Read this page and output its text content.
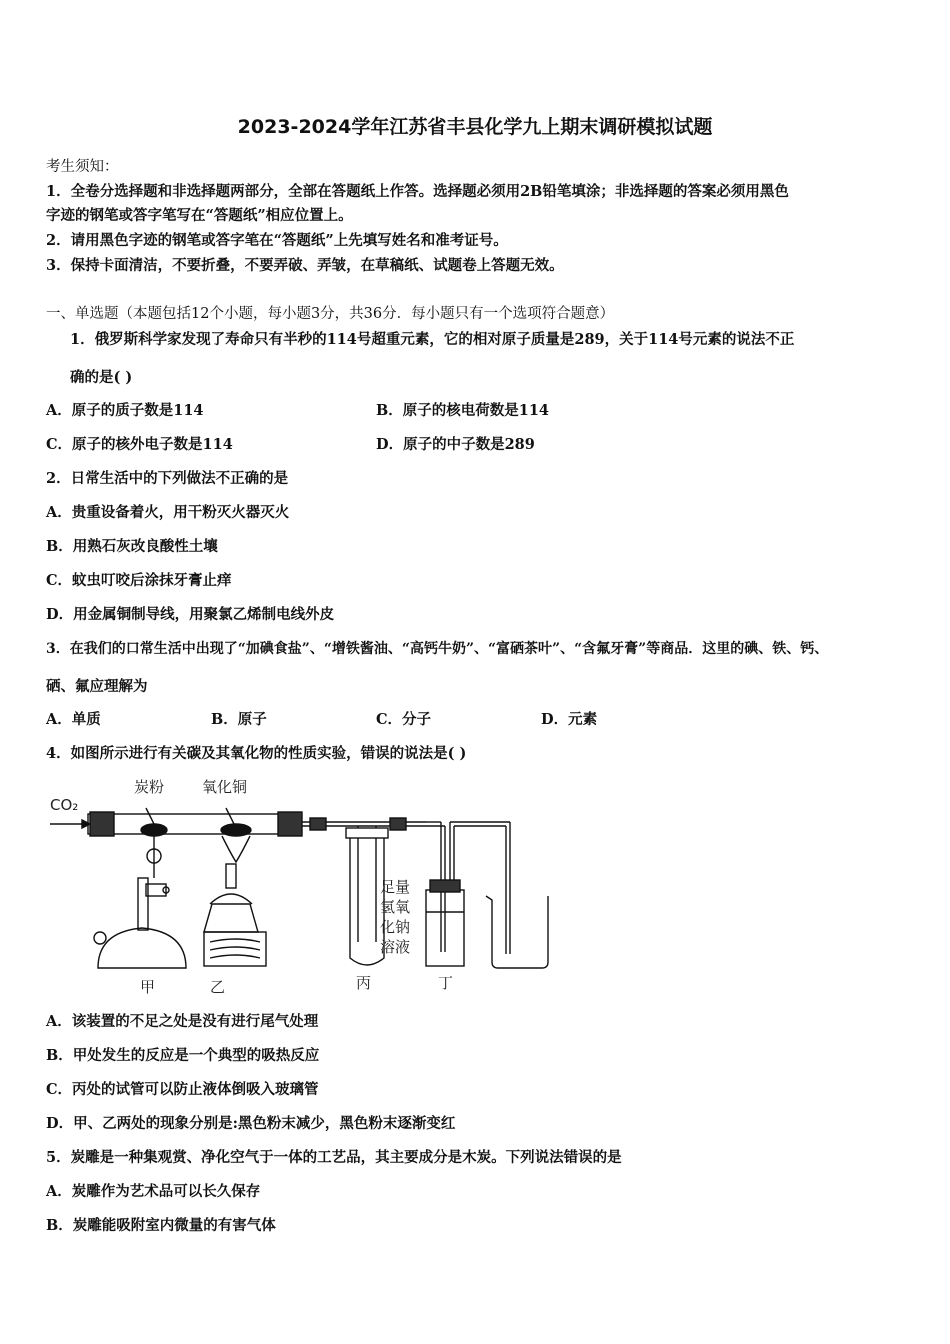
2023-2024学年江苏省丰县化学九上期末调研模拟试题
考生须知：
1．全卷分选择题和非选择题两部分，全部在答题纸上作答。选择题必须用2B铅笔填涂；非选择题的答案必须用黑色
字迹的钢笔或答字笔写在“答题纸”相应位置上。
2．请用黑色字迹的钢笔或答字笔在“答题纸”上先填写姓名和准考证号。
3．保持卡面清洁，不要折叠，不要弄破、弄皱，在草稿纸、试题卷上答题无效。
一、单选题（本题包括12个小题，每小题3分，共36分．每小题只有一个选项符合题意）
1．俄罗斯科学家发现了寿命只有半秒的114号超重元素，它的相对原子质量是289，关于114号元素的说法不正
确的是( )
A．原子的质子数是114	B．原子的核电荷数是114
C．原子的核外电子数是114	D．原子的中子数是289
2．日常生活中的下列做法不正确的是
A．贵重设备着火，用干粉灭火器灭火
B．用熟石灰改良酸性土壤
C．蚊虫叮咬后涂抹牙膏止痒
D．用金属铜制导线，用聚氯乙烯制电线外皮
3．在我们的口常生活中出现了“加碘食盐”、“增铁酱油、“高钙牛奶”、“富硒茶叶”、“含氟牙膏”等商品．这里的碘、铁、钙、
硒、氟应理解为
A．单质	B．原子	C．分子	D．元素
4．如图所示进行有关碳及其氧化物的性质实验，错误的说法是( )
CO₂
炭粉	氧化铜
足量
氢氧
化钠
溶液
甲	乙	丙	丁
A．该装置的不足之处是没有进行尾气处理
B．甲处发生的反应是一个典型的吸热反应
C．丙处的试管可以防止液体倒吸入玻璃管
D．甲、乙两处的现象分别是:黑色粉末减少，黑色粉末逐渐变红
5．炭雕是一种集观赏、净化空气于一体的工艺品，其主要成分是木炭。下列说法错误的是
A．炭雕作为艺术品可以长久保存
B．炭雕能吸附室内微量的有害气体
